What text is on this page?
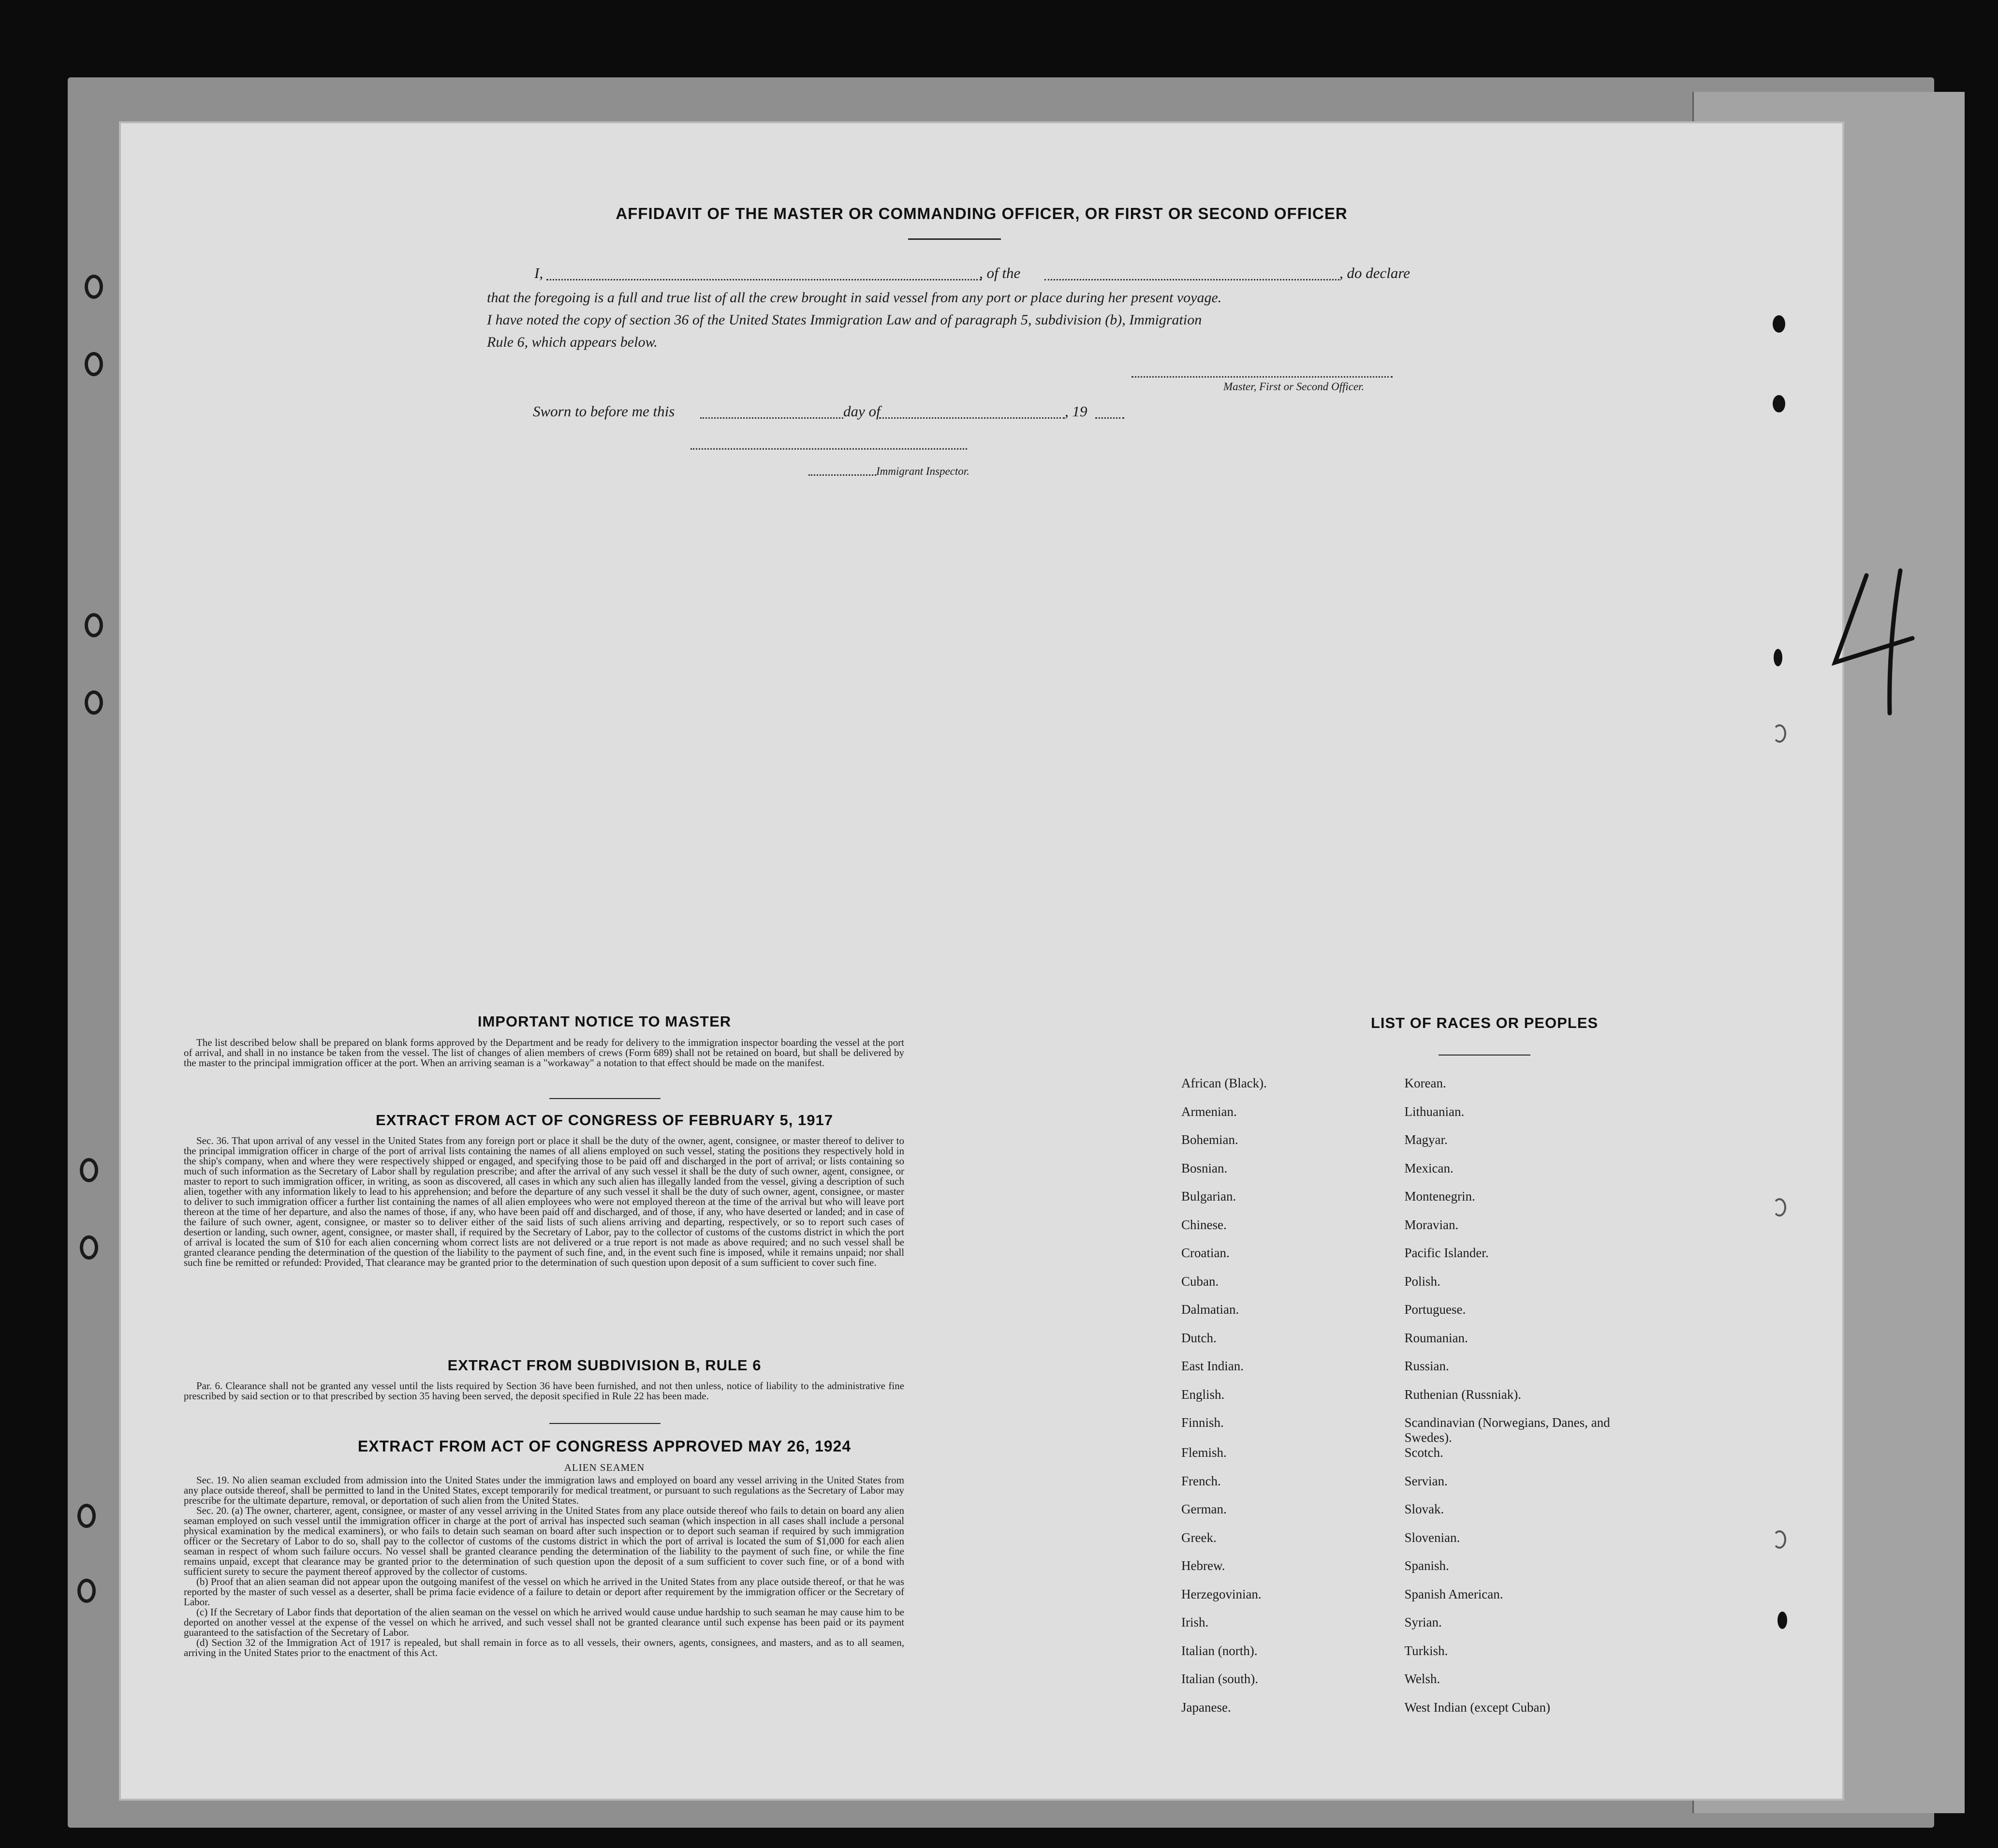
AFFIDAVIT OF THE MASTER OR COMMANDING OFFICER, OR FIRST OR SECOND OFFICER
I,	, of the	, do declare
that the foregoing is a full and true list of all the crew brought in said vessel from any port or place during her present voyage.
I have noted the copy of section 36 of the United States Immigration Law and of paragraph 5, subdivision (b), Immigration
Rule 6, which appears below.
Master, First or Second Officer.
Sworn to before me this	day of	, 19
Immigrant Inspector.
IMPORTANT NOTICE TO MASTER

The list described below shall be prepared on blank forms approved by the Department and be ready for delivery to the immigration inspector boarding the vessel at the port of arrival, and shall in no instance be taken from the vessel. The list of changes of alien members of crews (Form 689) shall not be retained on board, but shall be delivered by the master to the principal immigration officer at the port. When an arriving seaman is a "workaway" a notation to that effect should be made on the manifest.

EXTRACT FROM ACT OF CONGRESS OF FEBRUARY 5, 1917

Sec. 36. That upon arrival of any vessel in the United States from any foreign port or place it shall be the duty of the owner, agent, consignee, or master thereof to deliver to the principal immigration officer in charge of the port of arrival lists containing the names of all aliens employed on such vessel, stating the positions they respectively hold in the ship's company, when and where they were respectively shipped or engaged, and specifying those to be paid off and discharged in the port of arrival; or lists containing so much of such information as the Secretary of Labor shall by regulation prescribe; and after the arrival of any such vessel it shall be the duty of such owner, agent, consignee, or master to report to such immigration officer, in writing, as soon as discovered, all cases in which any such alien has illegally landed from the vessel, giving a description of such alien, together with any information likely to lead to his apprehension; and before the departure of any such vessel it shall be the duty of such owner, agent, consignee, or master to deliver to such immigration officer a further list containing the names of all alien employees who were not employed thereon at the time of the arrival but who will leave port thereon at the time of her departure, and also the names of those, if any, who have been paid off and discharged, and of those, if any, who have deserted or landed; and in case of the failure of such owner, agent, consignee, or master so to deliver either of the said lists of such aliens arriving and departing, respectively, or so to report such cases of desertion or landing, such owner, agent, consignee, or master shall, if required by the Secretary of Labor, pay to the collector of customs of the customs district in which the port of arrival is located the sum of $10 for each alien concerning whom correct lists are not delivered or a true report is not made as above required; and no such vessel shall be granted clearance pending the determination of the question of the liability to the payment of such fine, and, in the event such fine is imposed, while it remains unpaid; nor shall such fine be remitted or refunded: Provided, That clearance may be granted prior to the determination of such question upon deposit of a sum sufficient to cover such fine.

EXTRACT FROM SUBDIVISION B, RULE 6

Par. 6. Clearance shall not be granted any vessel until the lists required by Section 36 have been furnished, and not then unless, notice of liability to the administrative fine prescribed by said section or to that prescribed by section 35 having been served, the deposit specified in Rule 22 has been made.

EXTRACT FROM ACT OF CONGRESS APPROVED MAY 26, 1924
ALIEN SEAMEN

Sec. 19. No alien seaman excluded from admission into the United States under the immigration laws and employed on board any vessel arriving in the United States from any place outside thereof, shall be permitted to land in the United States, except temporarily for medical treatment, or pursuant to such regulations as the Secretary of Labor may prescribe for the ultimate departure, removal, or deportation of such alien from the United States.

Sec. 20. (a) The owner, charterer, agent, consignee, or master of any vessel arriving in the United States from any place outside thereof who fails to detain on board any alien seaman employed on such vessel until the immigration officer in charge at the port of arrival has inspected such seaman (which inspection in all cases shall include a personal physical examination by the medical examiners), or who fails to detain such seaman on board after such inspection or to deport such seaman if required by such immigration officer or the Secretary of Labor to do so, shall pay to the collector of customs of the customs district in which the port of arrival is located the sum of $1,000 for each alien seaman in respect of whom such failure occurs. No vessel shall be granted clearance pending the determination of the liability to the payment of such fine, or while the fine remains unpaid, except that clearance may be granted prior to the determination of such question upon the deposit of a sum sufficient to cover such fine, or of a bond with sufficient surety to secure the payment thereof approved by the collector of customs.

(b) Proof that an alien seaman did not appear upon the outgoing manifest of the vessel on which he arrived in the United States from any place outside thereof, or that he was reported by the master of such vessel as a deserter, shall be prima facie evidence of a failure to detain or deport after requirement by the immigration officer or the Secretary of Labor.

(c) If the Secretary of Labor finds that deportation of the alien seaman on the vessel on which he arrived would cause undue hardship to such seaman he may cause him to be deported on another vessel at the expense of the vessel on which he arrived, and such vessel shall not be granted clearance until such expense has been paid or its payment guaranteed to the satisfaction of the Secretary of Labor.

(d) Section 32 of the Immigration Act of 1917 is repealed, but shall remain in force as to all vessels, their owners, agents, consignees, and masters, and as to all seamen, arriving in the United States prior to the enactment of this Act.

LIST OF RACES OR PEOPLES
African (Black).	Korean.
Armenian.	Lithuanian.
Bohemian.	Magyar.
Bosnian.	Mexican.
Bulgarian.	Montenegrin.
Chinese.	Moravian.
Croatian.	Pacific Islander.
Cuban.	Polish.
Dalmatian.	Portuguese.
Dutch.	Roumanian.
East Indian.	Russian.
English.	Ruthenian (Russniak).
Finnish.	Scandinavian (Norwegians, Danes, and Swedes).
Flemish.	Scotch.
French.	Servian.
German.	Slovak.
Greek.	Slovenian.
Hebrew.	Spanish.
Herzegovinian.	Spanish American.
Irish.	Syrian.
Italian (north).	Turkish.
Italian (south).	Welsh.
Japanese.	West Indian (except Cuban)
